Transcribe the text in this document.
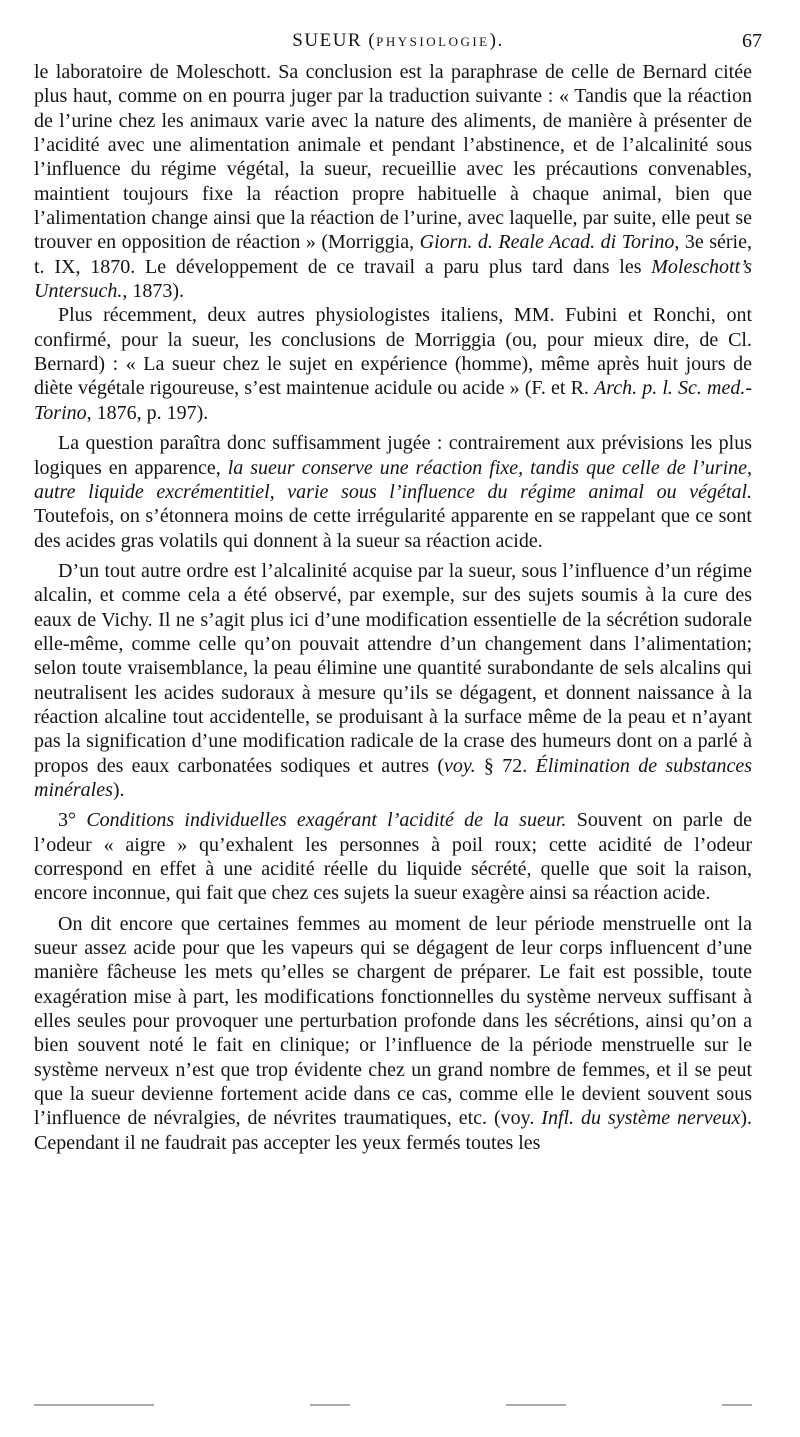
SUEUR (PHYSIOLOGIE).	67

le laboratoire de Moleschott. Sa conclusion est la paraphrase de celle de Bernard citée plus haut, comme on en pourra juger par la traduction suivante : « Tandis que la réaction de l’urine chez les animaux varie avec la nature des aliments, de manière à présenter de l’acidité avec une alimentation animale et pendant l’abstinence, et de l’alcalinité sous l’influence du régime végétal, la sueur, recueillie avec les précautions convenables, maintient toujours fixe la réaction propre habituelle à chaque animal, bien que l’alimentation change ainsi que la réaction de l’urine, avec laquelle, par suite, elle peut se trouver en opposition de réaction » (Morriggia, Giorn. d. Reale Acad. di Torino, 3e série, t. IX, 1870. Le développement de ce travail a paru plus tard dans les Moleschott’s Untersuch., 1873).

Plus récemment, deux autres physiologistes italiens, MM. Fubini et Ronchi, ont confirmé, pour la sueur, les conclusions de Morriggia (ou, pour mieux dire, de Cl. Bernard) : « La sueur chez le sujet en expérience (homme), même après huit jours de diète végétale rigoureuse, s’est maintenue acidule ou acide » (F. et R. Arch. p. l. Sc. med.-Torino, 1876, p. 197).

La question paraîtra donc suffisamment jugée : contrairement aux prévisions les plus logiques en apparence, la sueur conserve une réaction fixe, tandis que celle de l’urine, autre liquide excrémentitiel, varie sous l’influence du régime animal ou végétal. Toutefois, on s’étonnera moins de cette irrégularité apparente en se rappelant que ce sont des acides gras volatils qui donnent à la sueur sa réaction acide.

D’un tout autre ordre est l’alcalinité acquise par la sueur, sous l’influence d’un régime alcalin, et comme cela a été observé, par exemple, sur des sujets soumis à la cure des eaux de Vichy. Il ne s’agit plus ici d’une modification essentielle de la sécrétion sudorale elle-même, comme celle qu’on pouvait attendre d’un changement dans l’alimentation; selon toute vraisemblance, la peau élimine une quantité surabondante de sels alcalins qui neutralisent les acides sudoraux à mesure qu’ils se dégagent, et donnent naissance à la réaction alcaline tout accidentelle, se produisant à la surface même de la peau et n’ayant pas la signification d’une modification radicale de la crase des humeurs dont on a parlé à propos des eaux carbonatées sodiques et autres (voy. § 72. Élimination de substances minérales).

3° Conditions individuelles exagérant l’acidité de la sueur. Souvent on parle de l’odeur « aigre » qu’exhalent les personnes à poil roux; cette acidité de l’odeur correspond en effet à une acidité réelle du liquide sécrété, quelle que soit la raison, encore inconnue, qui fait que chez ces sujets la sueur exagère ainsi sa réaction acide.

On dit encore que certaines femmes au moment de leur période menstruelle ont la sueur assez acide pour que les vapeurs qui se dégagent de leur corps influencent d’une manière fâcheuse les mets qu’elles se chargent de préparer. Le fait est possible, toute exagération mise à part, les modifications fonctionnelles du système nerveux suffisant à elles seules pour provoquer une perturbation profonde dans les sécrétions, ainsi qu’on a bien souvent noté le fait en clinique; or l’influence de la période menstruelle sur le système nerveux n’est que trop évidente chez un grand nombre de femmes, et il se peut que la sueur devienne fortement acide dans ce cas, comme elle le devient souvent sous l’influence de névralgies, de névrites traumatiques, etc. (voy. Infl. du système nerveux). Cependant il ne faudrait pas accepter les yeux fermés toutes les
